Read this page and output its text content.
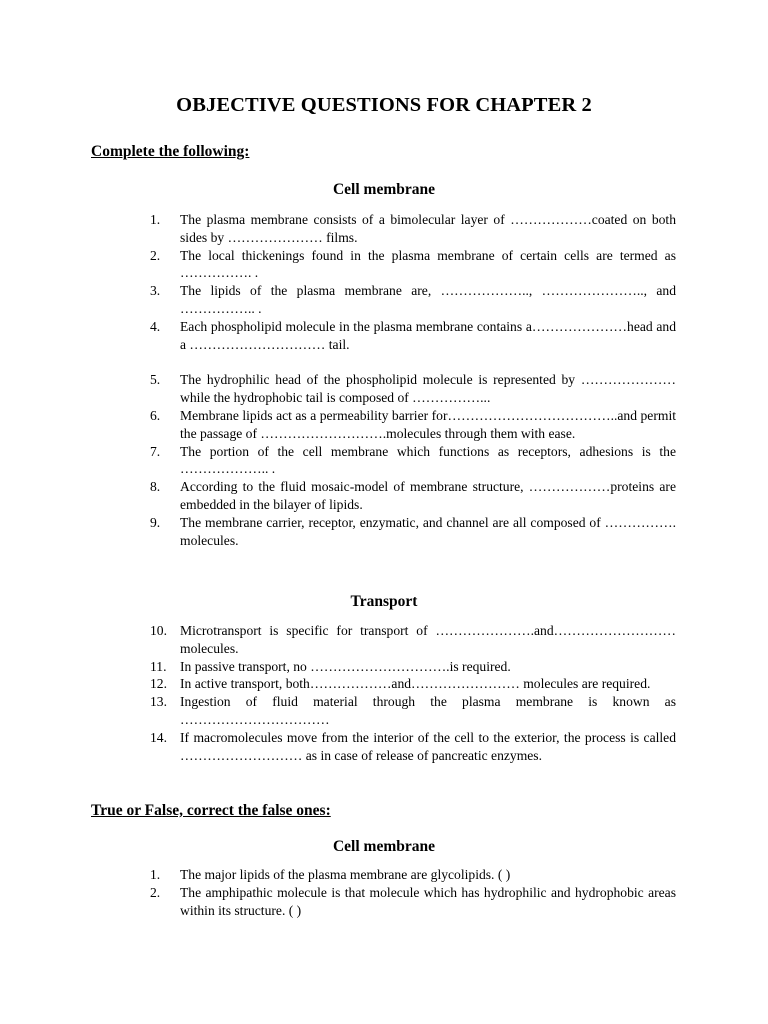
OBJECTIVE QUESTIONS FOR CHAPTER 2
Complete the following:
Cell membrane
1.	The plasma membrane consists of a bimolecular layer of ………………coated on both sides by ………………… films.
2.	The local thickenings found in the plasma membrane of certain cells are termed as ……………. .
3.	The lipids of the plasma membrane are, ……………….., ………………….., and …………….. .
4.	Each phospholipid molecule in the plasma membrane contains a…………………head and a ………………………… tail.
5.	The hydrophilic head of the phospholipid molecule is represented by ………………… while the hydrophobic tail is composed of ……………...
6.	Membrane lipids act as a permeability barrier for………………………………..and permit the passage of ……………………….molecules through them with ease.
7.	The portion of the cell membrane which functions as receptors, adhesions is the ……………….. .
8.	According to the fluid mosaic-model of membrane structure, ………………proteins are embedded in the bilayer of lipids.
9.	The membrane carrier, receptor, enzymatic, and channel are all composed of ……………. molecules.
Transport
10. Microtransport is specific for transport of ………………….and……………………… molecules.
11. In passive transport, no ………………………….is required.
12. In active transport, both………………and…………………… molecules are required.
13. Ingestion of fluid material through the plasma membrane is known as ……………………………
14. If macromolecules move from the interior of the cell to the exterior, the process is called ……………………… as in case of release of pancreatic enzymes.
True or False, correct the false ones:
Cell membrane
1.	The major lipids of the plasma membrane are glycolipids. ( )
2.	The amphipathic molecule is that molecule which has hydrophilic and hydrophobic areas within its structure. ( )
